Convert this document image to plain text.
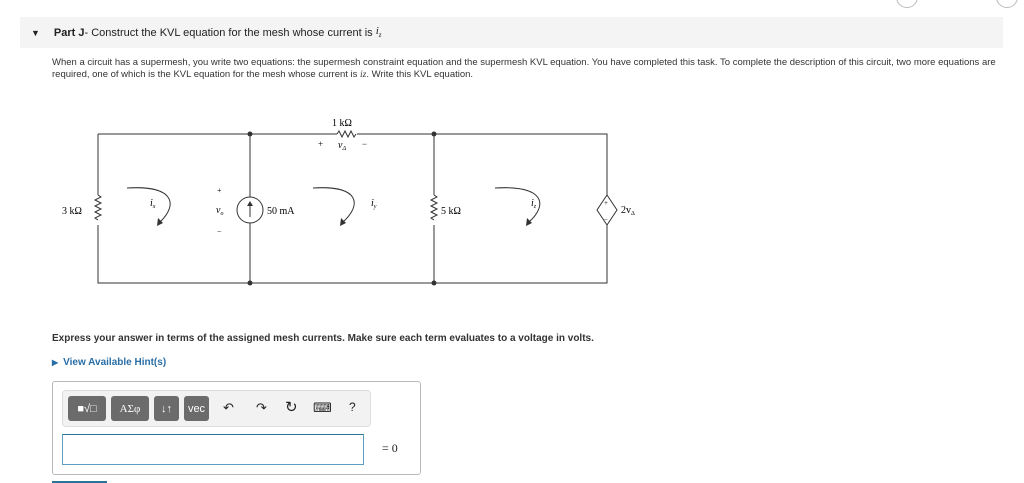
▼ Part J - Construct the KVL equation for the mesh whose current is $i_z$
When a circuit has a supermesh, you write two equations: the supermesh constraint equation and the supermesh KVL equation. You have completed this task. To complete the description of this circuit, two more equations are required, one of which is the KVL equation for the mesh whose current is iz. Write this KVL equation.
3 kΩ
1 kΩ
5 kΩ
50 mA
+ $v_\Delta$ −
+
$v_o$
−
+
−
$2v_\Delta$
$i_x$	$i_y$	$i_z$
Express your answer in terms of the assigned mesh currents. Make sure each term evaluates to a voltage in volts.
▶ View Available Hint(s)
■√□	ΑΣφ	↓↑	vec	↶ ↷ ↻ ⌨ ?
= 0
